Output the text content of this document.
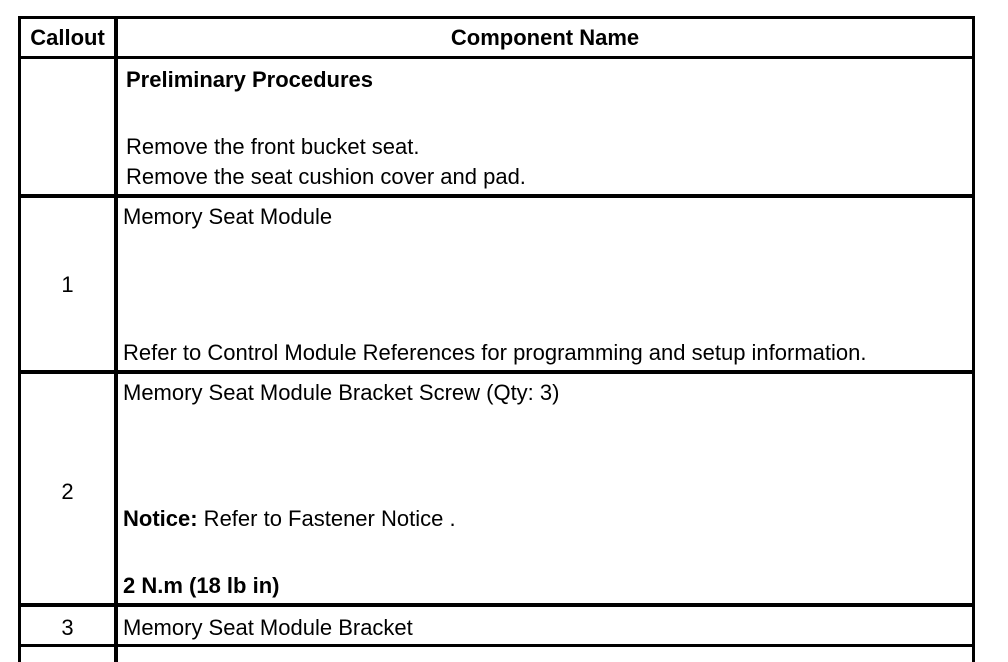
Callout	Component Name
Preliminary Procedures
Remove the front bucket seat.
Remove the seat cushion cover and pad.
1
Memory Seat Module
Refer to Control Module References for programming and setup information.
2
Memory Seat Module Bracket Screw (Qty: 3)
Notice: Refer to Fastener Notice .
2 N.m (18 lb in)
3	Memory Seat Module Bracket
